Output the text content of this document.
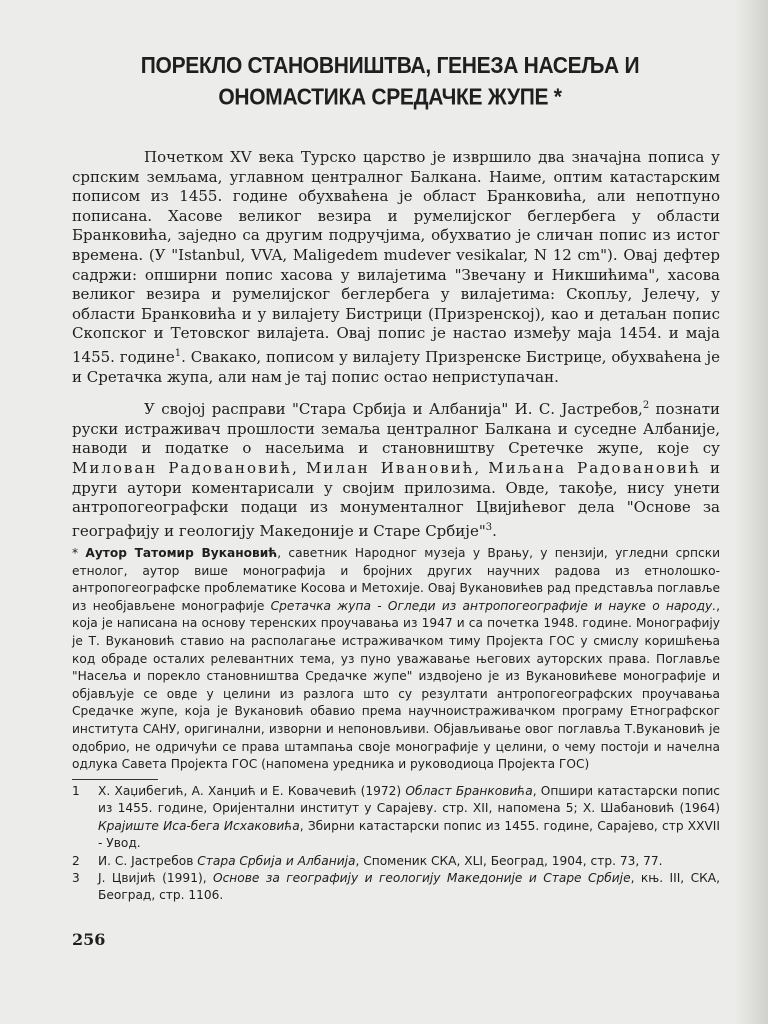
ПОРЕКЛО СТАНОВНИШТВА, ГЕНЕЗА НАСЕЉА И
ОНОМАСТИКА СРЕДАЧКЕ ЖУПЕ *

Почетком XV века Турско царство је извршило два значајна пописа у српским земљама, углавном централног Балкана. Наиме, оптим катастарским пописом из 1455. године обухваћена је област Бранковића, али непотпуно пописана. Хасове великог везира и румелијског беглербега у области Бранковића, заједно са другим подручјима, обухватио је сличан попис из истог времена. (У "Istanbul, VVA, Maligedem mudever vesikalar, N 12 cm"). Овај дефтер садржи: опширни попис хасова у вилајетима "Звечану и Никшићима", хасова великог везира и румелијског беглербега у вилајетима: Скопљу, Јелечу, у области Бранковића и у вилајету Бистрици (Призренској), као и детаљан попис Скопског и Тетовског вилајета. Овај попис је настао између маја 1454. и маја 1455. године$^1$. Свакако, пописом у вилајету Призренске Бистрице, обухваћена је и Сретачка жупа, али нам је тај попис остао неприступачан.

У својој расправи "Стара Србија и Албанија" И. С. Јастребов,$^2$ познати руски истраживач прошлости земаља централног Балкана и суседне Албаније, наводи и податке о насељима и становништву Сретечке жупе, које су Милован Радовановић, Милан Ивановић, Миљана Радовановић и други аутори коментарисали у својим прилозима. Овде, такође, нису унети антропогеографски подаци из монументалног Цвијићевог дела "Основе за географију и геологију Македоније и Старе Србије"$^3$.

* Аутор Татомир Вукановић, саветник Народног музеја у Врању, у пензији, угледни српски етнолог, аутор више монографија и бројних других научних радова из етнолошко-антропогеографске проблематике Косова и Метохије. Овај Вукановићев рад представља поглавље из необјављене монографије Сретачка жупа - Огледи из антропогеографије и науке о народу., која је написана на основу теренских проучавања из 1947 и са почетка 1948. године. Монографију је Т. Вукановић ставио на располагање истраживачком тиму Пројекта ГОС у смислу коришћења код обраде осталих релевантних тема, уз пуно уважавање његових ауторских права. Поглавље "Насеља и порекло становништва Средачке жупе" издвојено је из Вукановићеве монографије и објављује се овде у целини из разлога што су резултати антропогеографских проучавања Средачке жупе, која је Вукановић обавио према научноистраживачком програму Етнографског института САНУ, оригинални, изворни и непоновљиви. Објављивање овог поглавља Т.Вукановић је одобрио, не одричући се права штампања своје монографије у целини, о чему постоји и начелна одлука Савета Пројекта ГОС (напомена уредника и руководиоца Пројекта ГОС)
1	Х. Хаџибегић, А. Ханџић и Е. Ковачевић (1972) Област Бранковића, Опшири катастарски попис из 1455. године, Оријентални институт у Сарајеву. стр. XII, напомена 5; Х. Шабановић (1964) Крајиште Иса-бега Исхаковића, Збирни катастарски попис из 1455. године, Сарајево, стр XXVII - Увод.
2	И. С. Јастребов Стара Србија и Албанија, Споменик СКА, XLI, Београд, 1904, стр. 73, 77.
3	J. Цвијић (1991), Основе за географију и геологију Македоније и Старе Србије, књ. III, СКА, Београд, стр. 1106.
256
